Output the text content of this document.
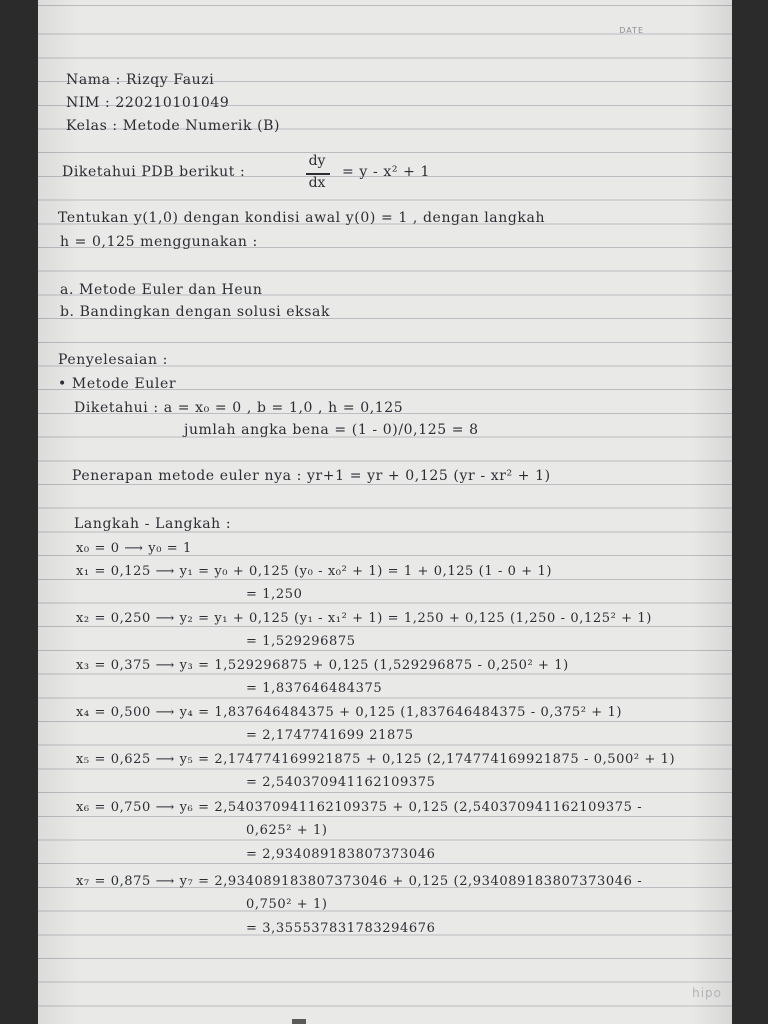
DATE
Nama : Rizqy Fauzi
NIM : 220210101049
Kelas : Metode Numerik (B)
Diketahui PDB berikut :
dy
dx
= y - x² + 1
Tentukan y(1,0) dengan kondisi awal y(0) = 1 , dengan langkah
h = 0,125 menggunakan :
a. Metode Euler dan Heun
b. Bandingkan dengan solusi eksak
Penyelesaian :
• Metode Euler
Diketahui : a = x₀ = 0 , b = 1,0 , h = 0,125
jumlah angka bena = (1 - 0)/0,125 = 8
Penerapan metode euler nya : yr+1 = yr + 0,125 (yr - xr² + 1)
Langkah - Langkah :
x₀ = 0 ⟶ y₀ = 1
x₁ = 0,125 ⟶ y₁ = y₀ + 0,125 (y₀ - x₀² + 1) = 1 + 0,125 (1 - 0 + 1)
= 1,250
x₂ = 0,250 ⟶ y₂ = y₁ + 0,125 (y₁ - x₁² + 1) = 1,250 + 0,125 (1,250 - 0,125² + 1)
= 1,529296875
x₃ = 0,375 ⟶ y₃ = 1,529296875 + 0,125 (1,529296875 - 0,250² + 1)
= 1,837646484375
x₄ = 0,500 ⟶ y₄ = 1,837646484375 + 0,125 (1,837646484375 - 0,375² + 1)
= 2,1747741699 21875
x₅ = 0,625 ⟶ y₅ = 2,174774169921875 + 0,125 (2,174774169921875 - 0,500² + 1)
= 2,540370941162109375
x₆ = 0,750 ⟶ y₆ = 2,540370941162109375 + 0,125 (2,540370941162109375 -
0,625² + 1)
= 2,934089183807373046
x₇ = 0,875 ⟶ y₇ = 2,934089183807373046 + 0,125 (2,934089183807373046 -
0,750² + 1)
= 3,355537831783294676
hipo
